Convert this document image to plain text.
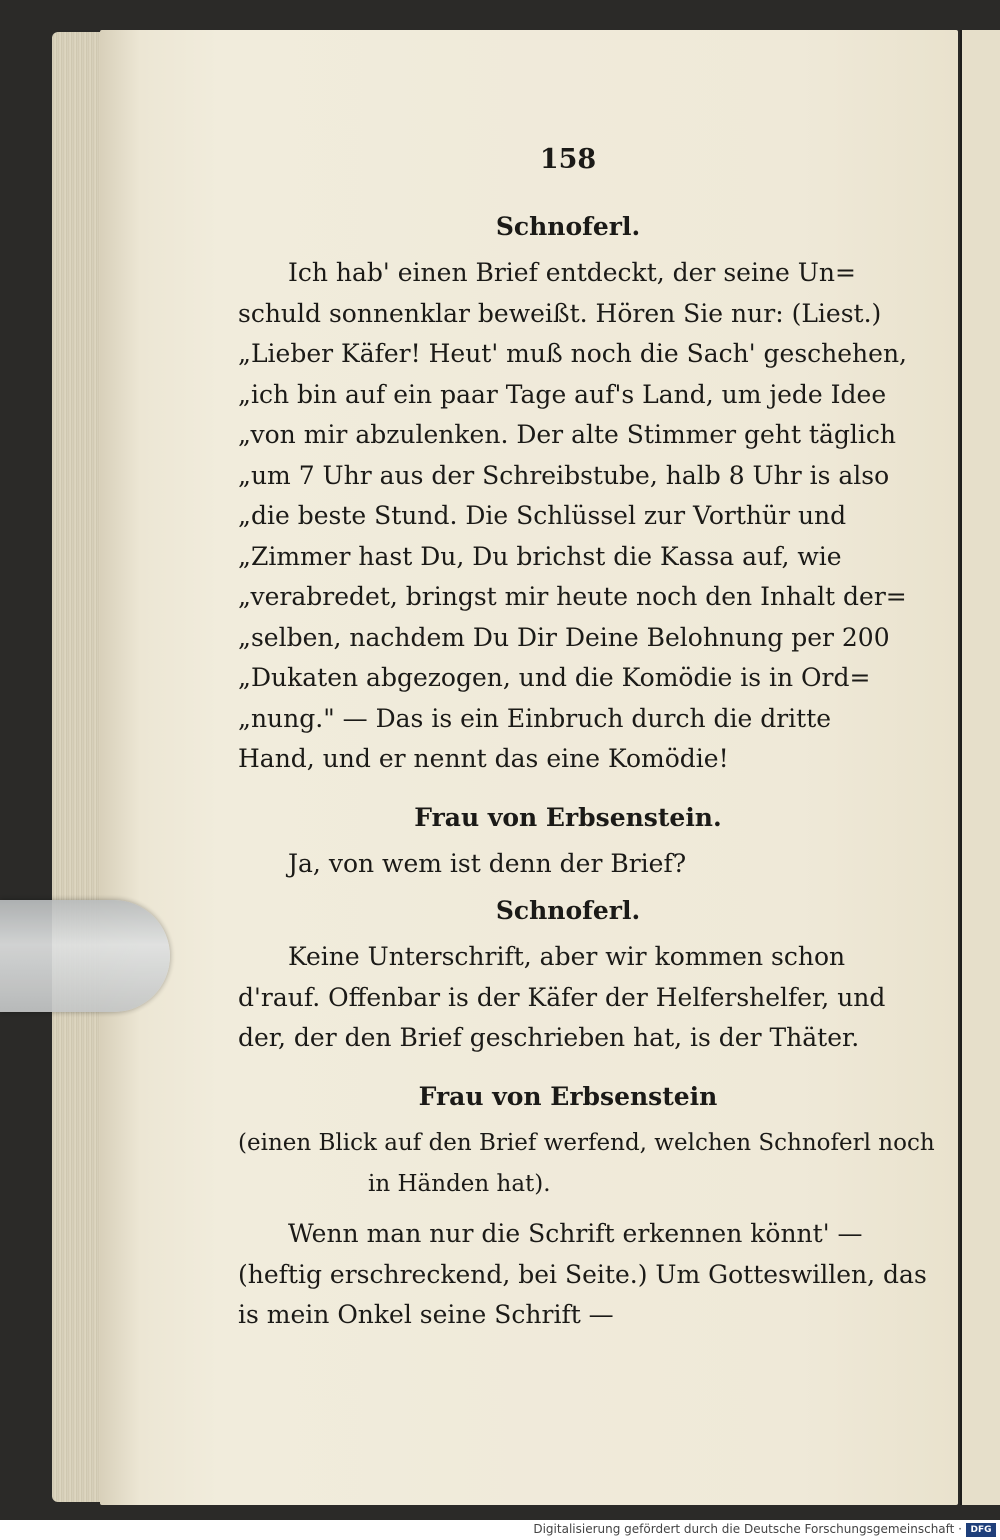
158
Schnoferl.
Ich hab' einen Brief entdeckt, der seine Un=
schuld sonnenklar beweißt. Hören Sie nur: (Liest.)
„Lieber Käfer! Heut' muß noch die Sach' geschehen,
„ich bin auf ein paar Tage auf's Land, um jede Idee
„von mir abzulenken. Der alte Stimmer geht täglich
„um 7 Uhr aus der Schreibstube, halb 8 Uhr is also
„die beste Stund. Die Schlüssel zur Vorthür und
„Zimmer hast Du, Du brichst die Kassa auf, wie
„verabredet, bringst mir heute noch den Inhalt der=
„selben, nachdem Du Dir Deine Belohnung per 200
„Dukaten abgezogen, und die Komödie is in Ord=
„nung." — Das is ein Einbruch durch die dritte
Hand, und er nennt das eine Komödie!
Frau von Erbsenstein.
Ja, von wem ist denn der Brief?
Schnoferl.
Keine Unterschrift, aber wir kommen schon
d'rauf. Offenbar is der Käfer der Helfershelfer, und
der, der den Brief geschrieben hat, is der Thäter.
Frau von Erbsenstein
(einen Blick auf den Brief werfend, welchen Schnoferl noch
in Händen hat).
Wenn man nur die Schrift erkennen könnt' —
(heftig erschreckend, bei Seite.) Um Gotteswillen, das
is mein Onkel seine Schrift —
Digitalisierung gefördert durch die Deutsche Forschungsgemeinschaft · DFG
